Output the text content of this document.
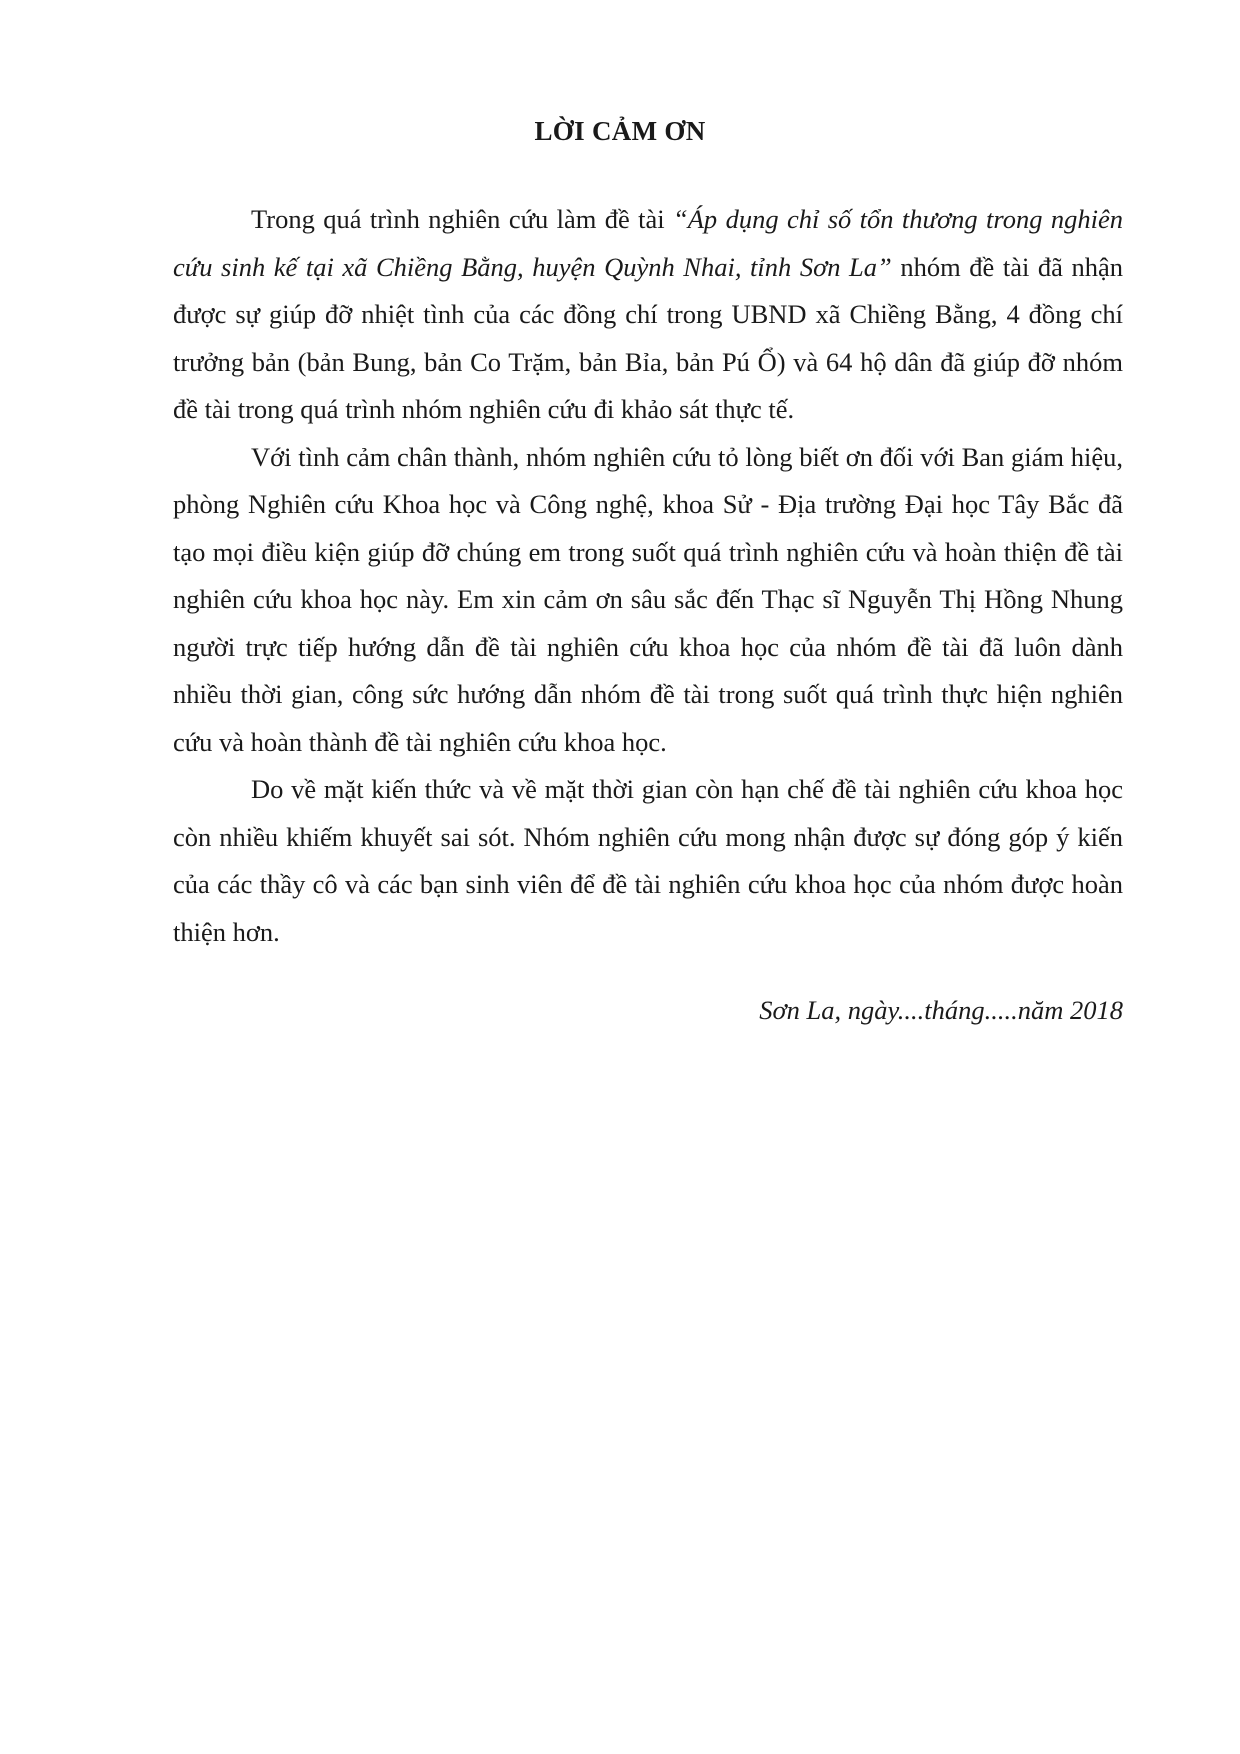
LỜI CẢM ƠN

Trong quá trình nghiên cứu làm đề tài “Áp dụng chỉ số tổn thương trong nghiên cứu sinh kế tại xã Chiềng Bằng, huyện Quỳnh Nhai, tỉnh Sơn La” nhóm đề tài đã nhận được sự giúp đỡ nhiệt tình của các đồng chí trong UBND xã Chiềng Bằng, 4 đồng chí trưởng bản (bản Bung, bản Co Trặm, bản Bỉa, bản Pú Ổ) và 64 hộ dân đã giúp đỡ nhóm đề tài trong quá trình nhóm nghiên cứu đi khảo sát thực tế.

Với tình cảm chân thành, nhóm nghiên cứu tỏ lòng biết ơn đối với Ban giám hiệu, phòng Nghiên cứu Khoa học và Công nghệ, khoa Sử - Địa trường Đại học Tây Bắc đã tạo mọi điều kiện giúp đỡ chúng em trong suốt quá trình nghiên cứu và hoàn thiện đề tài nghiên cứu khoa học này. Em xin cảm ơn sâu sắc đến Thạc sĩ Nguyễn Thị Hồng Nhung người trực tiếp hướng dẫn đề tài nghiên cứu khoa học của nhóm đề tài đã luôn dành nhiều thời gian, công sức hướng dẫn nhóm đề tài trong suốt quá trình thực hiện nghiên cứu và hoàn thành đề tài nghiên cứu khoa học.

Do về mặt kiến thức và về mặt thời gian còn hạn chế đề tài nghiên cứu khoa học còn nhiều khiếm khuyết sai sót. Nhóm nghiên cứu mong nhận được sự đóng góp ý kiến của các thầy cô và các bạn sinh viên để đề tài nghiên cứu khoa học của nhóm được hoàn thiện hơn.

Sơn La, ngày....tháng.....năm 2018
